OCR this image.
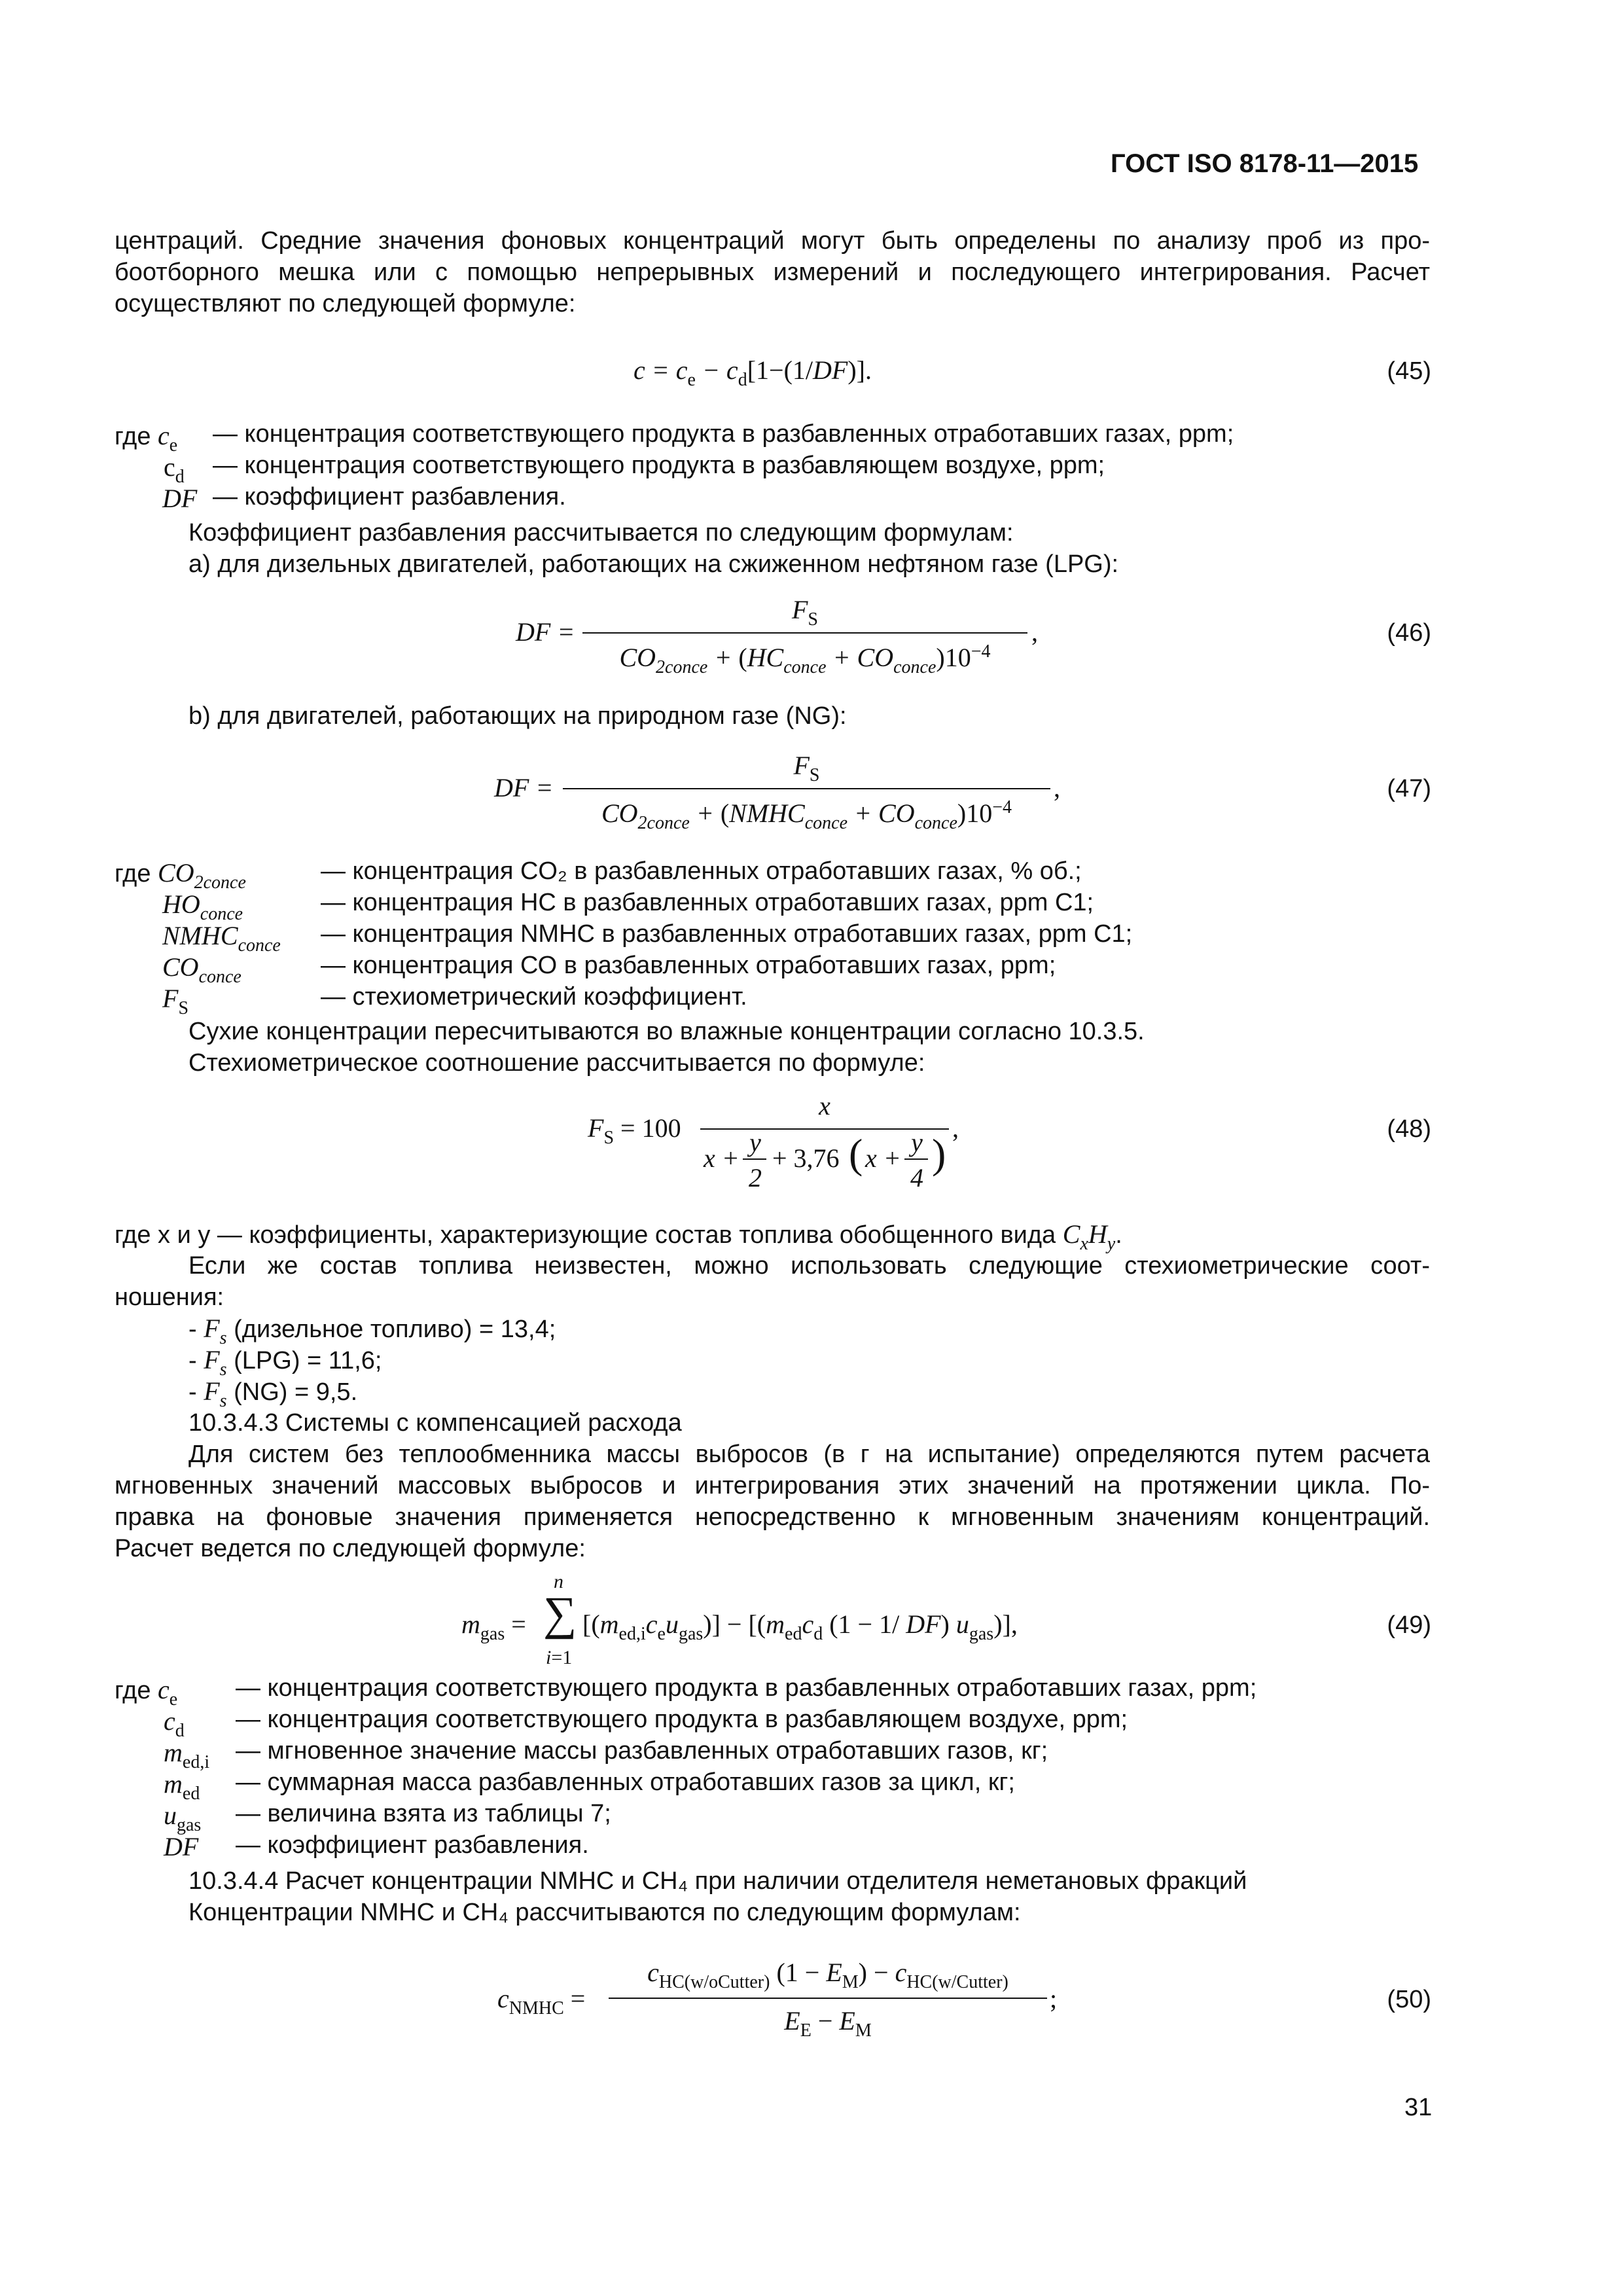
ГОСТ ISO 8178-11—2015
центраций. Средние значения фоновых концентраций могут быть определены по анализу проб из про-
боотборного мешка или с помощью непрерывных измерений и последующего интегрирования. Расчет
осуществляют по следующей формуле:
$c = c_e - c_d[1-(1/DF)]$.	(45)
где $c_e$ — концентрация соответствующего продукта в разбавленных отработавших газах, ppm;
$c_d$ — концентрация соответствующего продукта в разбавляющем воздухе, ppm;
DF — коэффициент разбавления.
Коэффициент разбавления рассчитывается по следующим формулам:
а) для дизельных двигателей, работающих на сжиженном нефтяном газе (LPG):
DF =
$F_S$
$CO_{2conce} + (HC_{conce} + CO_{conce})10^{-4}$
,	(46)
b) для двигателей, работающих на природном газе (NG):
DF =
$F_S$
$CO_{2conce}$ + $(NMHC_{conce} + CO_{conce})10^{-4}$
,	(47)
где $CO_{2conce}$	— концентрация CO₂ в разбавленных отработавших газах, % об.;
$HO_{conce}$	— концентрация НС в разбавленных отработавших газах, ppm C1;
$NMHC_{conce}$ — концентрация NMHC в разбавленных отработавших газах, ppm C1;
$CO_{conce}$	— концентрация СО в разбавленных отработавших газах, ppm;
$F_S$	— стехиометрический коэффициент.
Сухие концентрации пересчитываются во влажные концентрации согласно 10.3.5.
Стехиометрическое соотношение рассчитывается по формуле:
$F_S = 100$
x
x +
y
2
+ 3,76 ( x +
y
4
)
,	(48)
где x и y — коэффициенты, характеризующие состав топлива обобщенного вида $C_xH_y$.
Если же состав топлива неизвестен, можно использовать следующие стехиометрические соот-
ношения:
- $F_s$ (дизельное топливо) = 13,4;
- $F_s$ (LPG) = 11,6;
- $F_s$ (NG) = 9,5.
10.3.4.3 Системы с компенсацией расхода
Для систем без теплообменника массы выбросов (в г на испытание) определяются путем расчета
мгновенных значений массовых выбросов и интегрирования этих значений на протяжении цикла. По-
правка на фоновые значения применяется непосредственно к мгновенным значениям концентраций.
Расчет ведется по следующей формуле:
$m_{gas}$ =
n
∑
i=1
$[(m_{ed,i}c_eu_{gas})] - [(m_{ed}c_d$ (1 − 1/ DF) $u_{gas}$)],	(49)
где $c_e$ — концентрация соответствующего продукта в разбавленных отработавших газах, ppm;
$c_d$ — концентрация соответствующего продукта в разбавляющем воздухе, ppm;
$m_{ed,i}$ — мгновенное значение массы разбавленных отработавших газов, кг;
$m_{ed}$ — суммарная масса разбавленных отработавших газов за цикл, кг;
$u_{gas}$ — величина взята из таблицы 7;
DF — коэффициент разбавления.
10.3.4.4 Расчет концентрации NMHC и CH₄ при наличии отделителя неметановых фракций
Концентрации NMHC и CH₄ рассчитываются по следующим формулам:
$c_{NMHC}$ =
$c_{HC(w/oCutter)}$ $(1 - E_M) - c_{HC(w/Cutter)}$
$E_E - E_M$
;	(50)
31
